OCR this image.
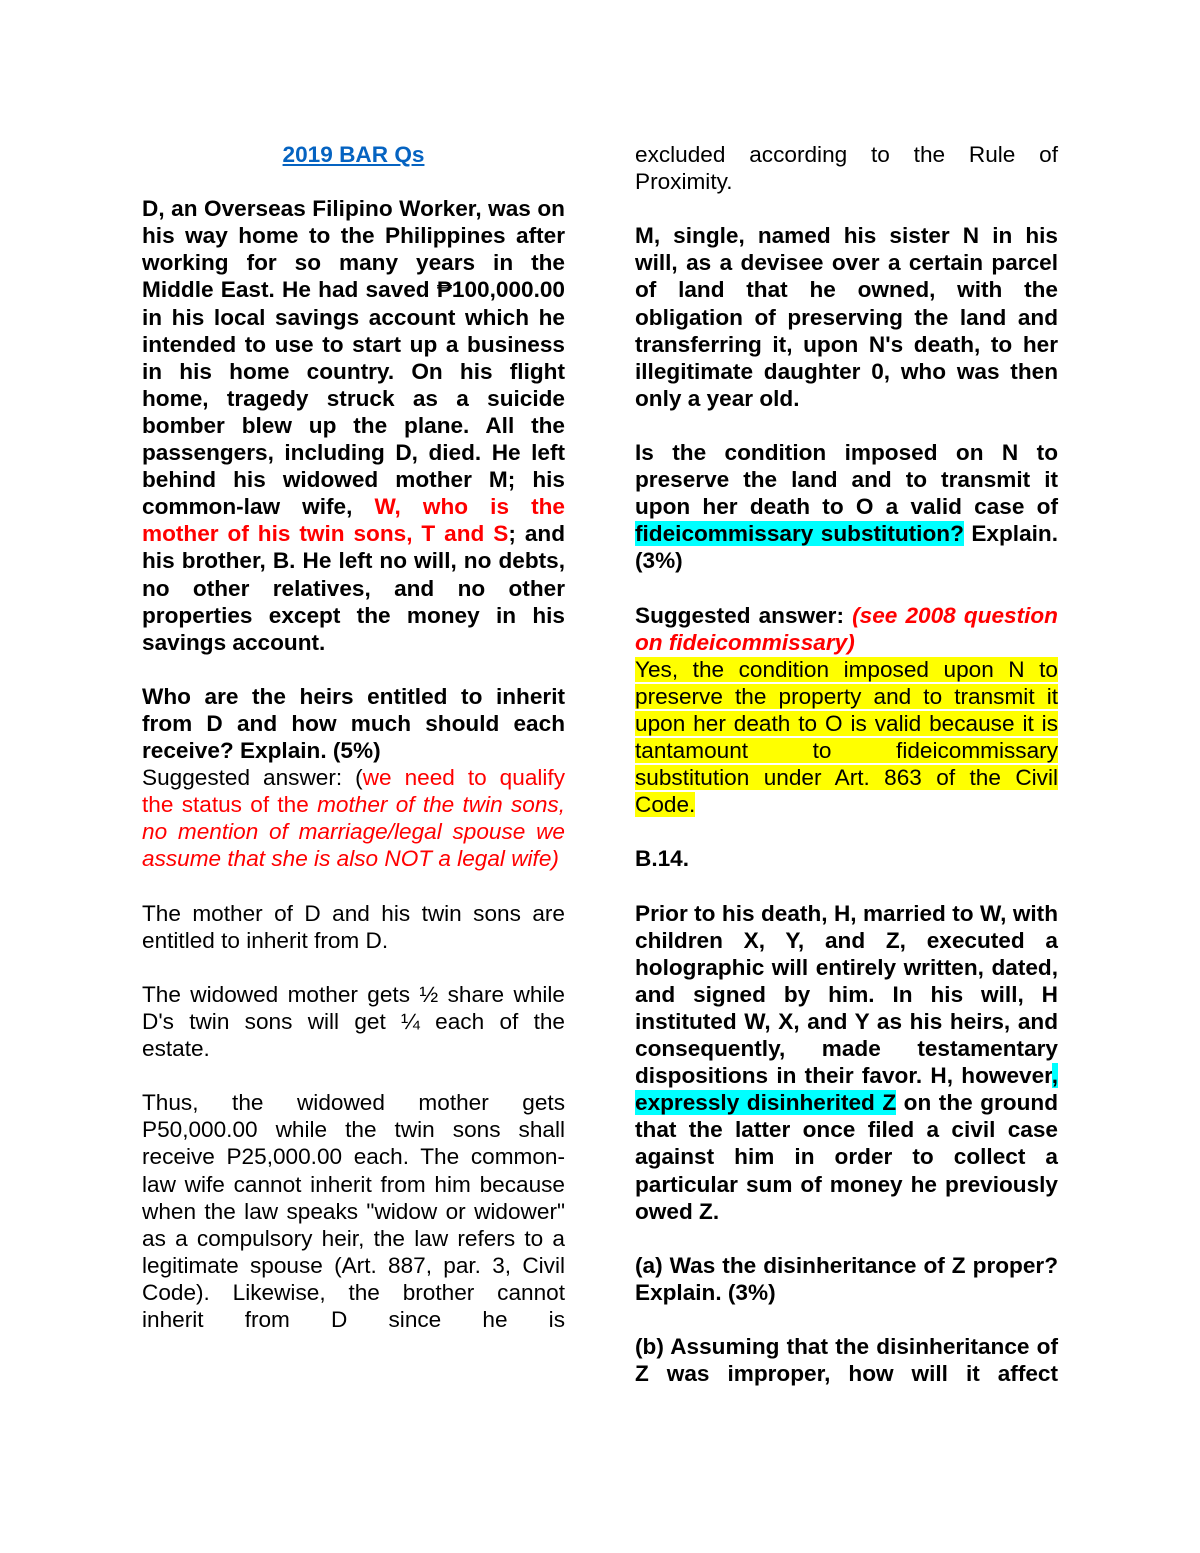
2019 BAR Qs

D, an Overseas Filipino Worker, was on his way home to the Philippines after working for so many years in the Middle East. He had saved ₱100,000.00 in his local savings account which he intended to use to start up a business in his home country. On his flight home, tragedy struck as a suicide bomber blew up the plane. All the passengers, including D, died. He left behind his widowed mother M; his common-law wife, W, who is the mother of his twin sons, T and S; and his brother, B. He left no will, no debts, no other relatives, and no other properties except the money in his savings account.

Who are the heirs entitled to inherit from D and how much should each receive? Explain. (5%)

Suggested answer: (we need to qualify the status of the mother of the twin sons, no mention of marriage/legal spouse we assume that she is also NOT a legal wife)

The mother of D and his twin sons are entitled to inherit from D.

The widowed mother gets ½ share while D's twin sons will get ¼ each of the estate.

Thus, the widowed mother gets P50,000.00 while the twin sons shall receive P25,000.00 each. The common-law wife cannot inherit from him because when the law speaks "widow or widower" as a compulsory heir, the law refers to a legitimate spouse (Art. 887, par. 3, Civil Code). Likewise, the brother cannot inherit from D since he is

excluded according to the Rule of Proximity.

M, single, named his sister N in his will, as a devisee over a certain parcel of land that he owned, with the obligation of preserving the land and transferring it, upon N's death, to her illegitimate daughter 0, who was then only a year old.

Is the condition imposed on N to preserve the land and to transmit it upon her death to O a valid case of fideicommissary substitution? Explain. (3%)

Suggested answer: (see 2008 question on fideicommissary)

Yes, the condition imposed upon N to preserve the property and to transmit it upon her death to O is valid because it is tantamount to fideicommissary substitution under Art. 863 of the Civil Code.

B.14.

Prior to his death, H, married to W, with children X, Y, and Z, executed a holographic will entirely written, dated, and signed by him. In his will, H instituted W, X, and Y as his heirs, and consequently, made testamentary dispositions in their favor. H, however, expressly disinherited Z on the ground that the latter once filed a civil case against him in order to collect a particular sum of money he previously owed Z.

(a) Was the disinheritance of Z proper? Explain. (3%)

(b) Assuming that the disinheritance of Z was improper, how will it affect
